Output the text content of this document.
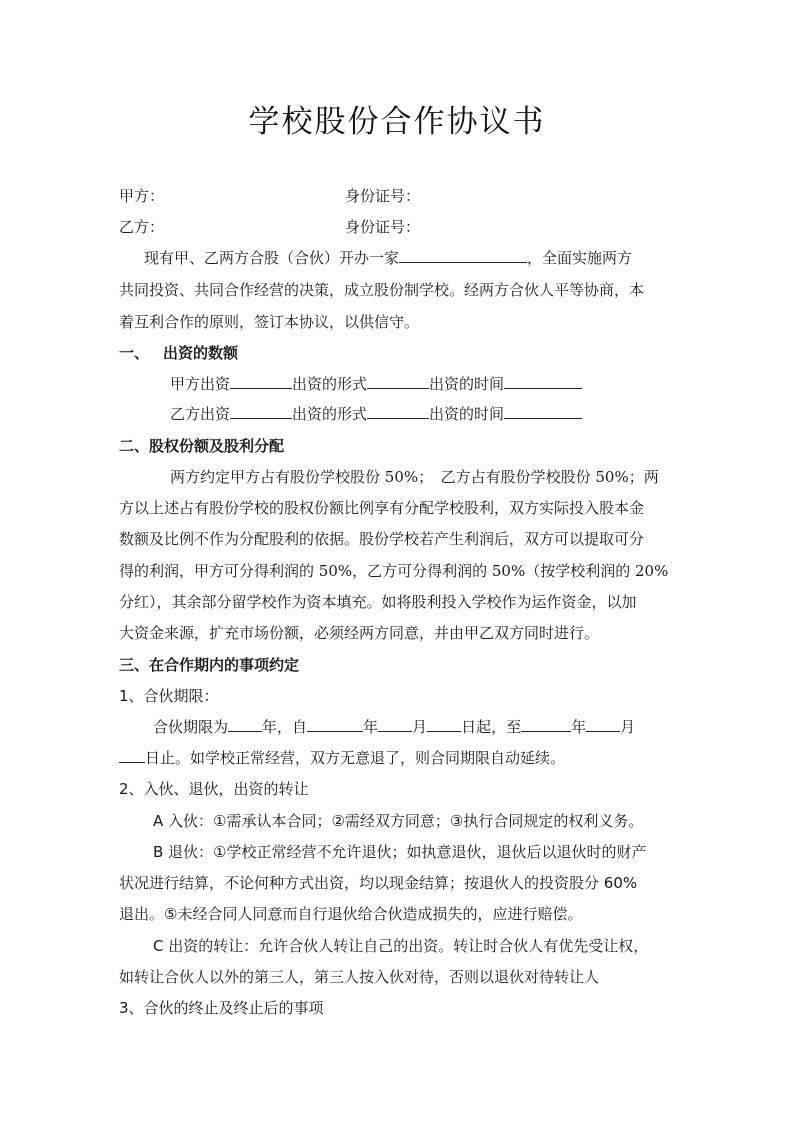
学校股份合作协议书
甲方：	身份证号：
乙方：	身份证号：
现有甲、乙两方合股（合伙）开办一家	，全面实施两方
共同投资、共同合作经营的决策，成立股份制学校。经两方合伙人平等协商，本
着互利合作的原则，签订本协议，以供信守。
一、 出资的数额
甲方出资	出资的形式	出资的时间
乙方出资	出资的形式	出资的时间
二、股权份额及股利分配
两方约定甲方占有股份学校股份 50%；　乙方占有股份学校股份 50%；两
方以上述占有股份学校的股权份额比例享有分配学校股利，双方实际投入股本金
数额及比例不作为分配股利的依据。股份学校若产生利润后，双方可以提取可分
得的利润，甲方可分得利润的 50%，乙方可分得利润的 50%（按学校利润的 20%
分红），其余部分留学校作为资本填充。如将股利投入学校作为运作资金，以加
大资金来源，扩充市场份额，必须经两方同意，并由甲乙双方同时进行。
三、在合作期内的事项约定
1、合伙期限：
合伙期限为 年，自	年 月 日起，至	年 月
日止。如学校正常经营，双方无意退了，则合同期限自动延续。
2、入伙、退伙，出资的转让
A 入伙：①需承认本合同；②需经双方同意；③执行合同规定的权利义务。
B 退伙：①学校正常经营不允许退伙；如执意退伙，退伙后以退伙时的财产
状况进行结算，不论何种方式出资，均以现金结算；按退伙人的投资股分 60%
退出。⑤未经合同人同意而自行退伙给合伙造成损失的，应进行赔偿。
C 出资的转让：允许合伙人转让自己的出资。转让时合伙人有优先受让权，
如转让合伙人以外的第三人，第三人按入伙对待，否则以退伙对待转让人
3、合伙的终止及终止后的事项
